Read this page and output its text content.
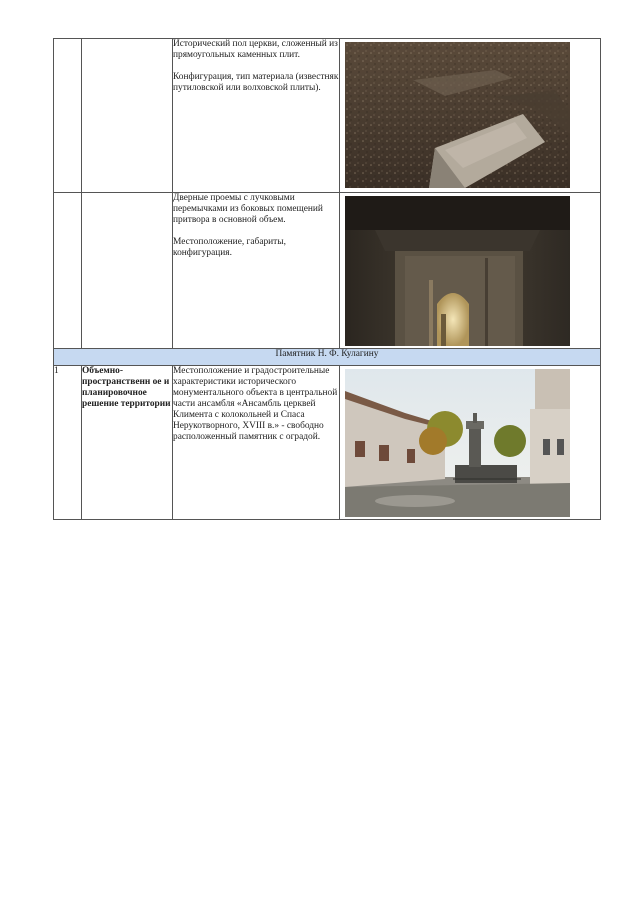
		Исторический пол церкви, сложенный из прямоугольных каменных плит.

Конфигурация, тип материала (известняк путиловской или волховской плиты).

		Дверные проемы с лучковыми перемычками из боковых помещений притвора в основной объем.

Местоположение, габариты, конфигурация.

Памятник Н. Ф. Кулагину			
1	Объемно-пространственн ое и планировочное решение территории	Местоположение и градостроительные характеристики исторического монументального объекта в центральной части ансамбля «Ансамбль церквей Климента с колокольней и Спаса Нерукотворного, XVIII в.» - свободно расположенный памятник с оградой.
